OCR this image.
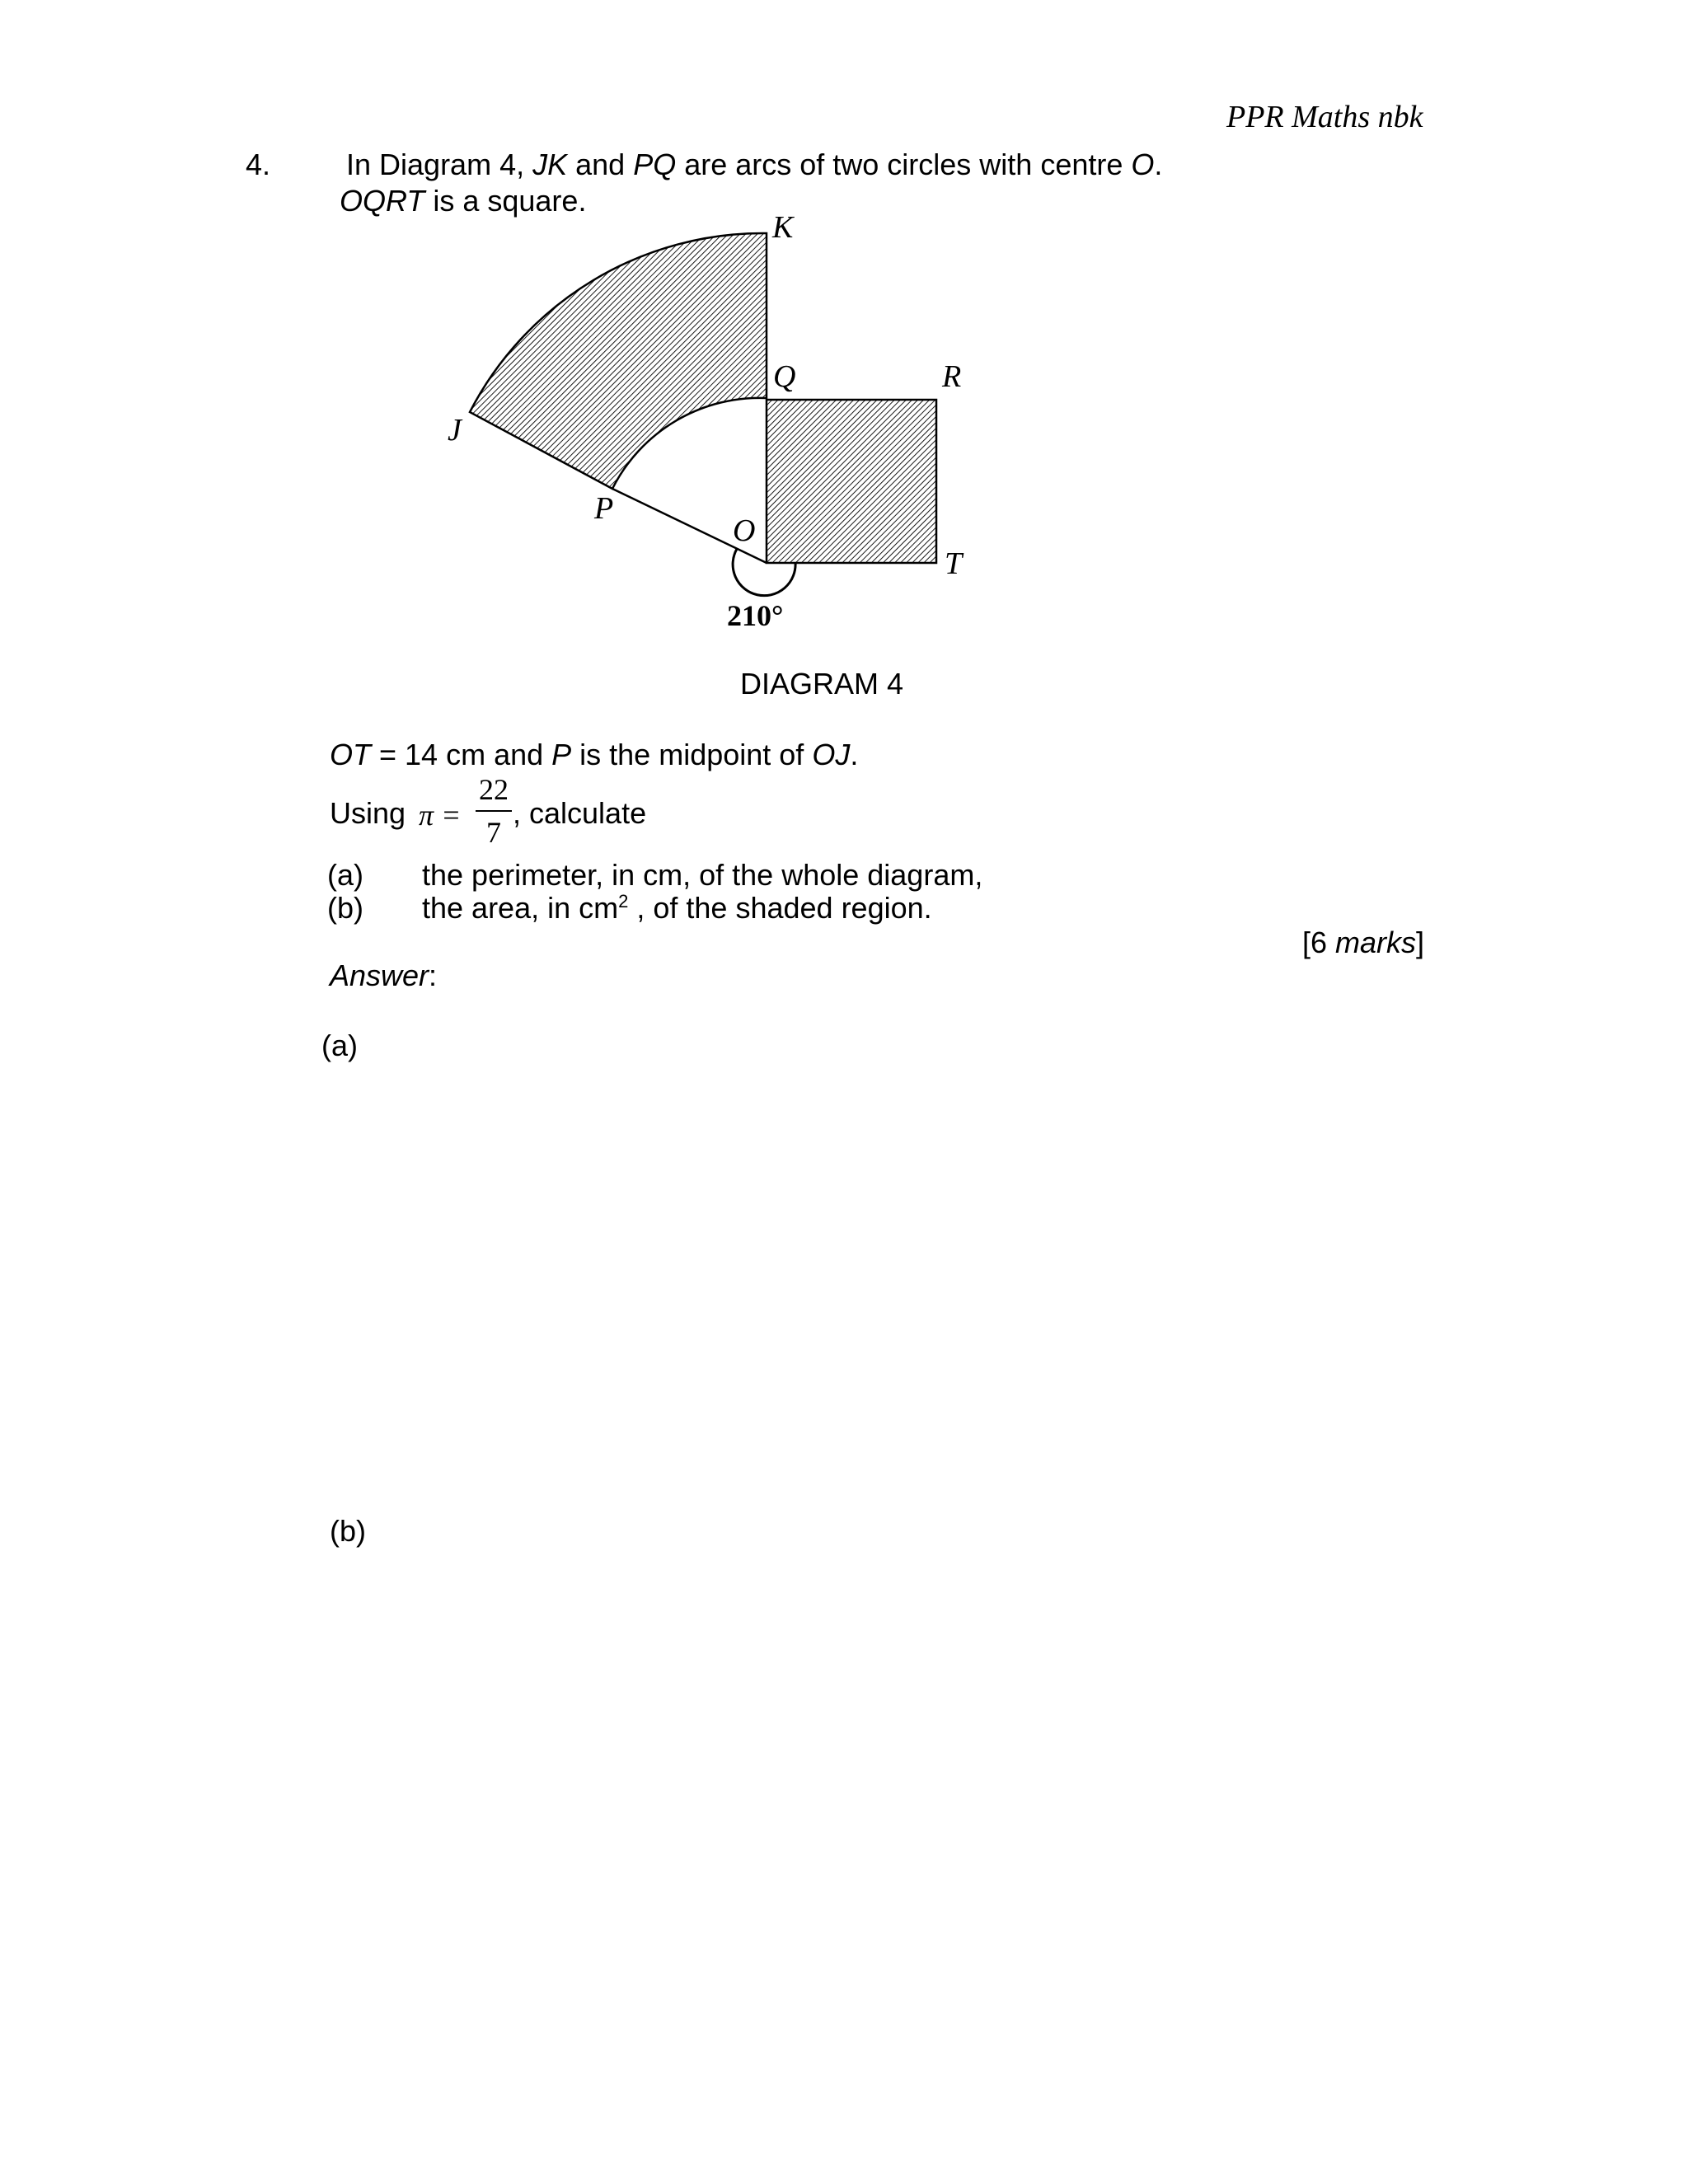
PPR Maths nbk
4.	In Diagram 4, JK and PQ are arcs of two circles with centre O.
OQRT is a square.
K
Q	R
J
P
O
T
210°
DIAGRAM 4
OT = 14 cm and P is the midpoint of OJ.
Using π =
22
7
, calculate
(a) the perimeter, in cm, of the whole diagram,
(b) the area, in $cm^2$ , of the shaded region.
[6 marks]
Answer:
(a)
(b)
